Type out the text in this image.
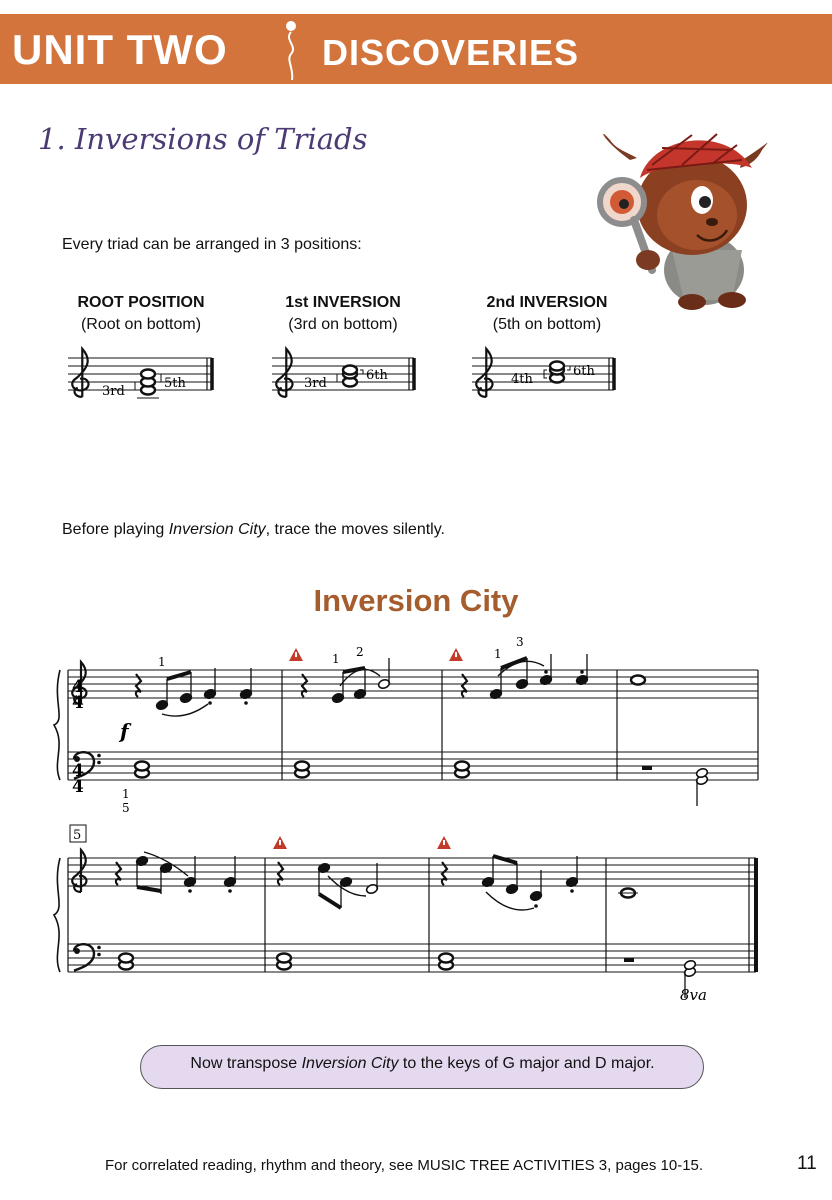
UNIT TWO	DISCOVERIES
1. Inversions of Triads
Every triad can be arranged in 3 positions:
ROOT POSITION
(Root on bottom)
1st INVERSION
(3rd on bottom)
2nd INVERSION
(5th on bottom)
3rd
5th	3rd
6th	4th
6th
Before playing Inversion City, trace the moves silently.
Inversion City
1	1 2	1
3
1
5
4
4
4
4
f
5
8va
Now transpose Inversion City to the keys of G major and D major.
For correlated reading, rhythm and theory, see MUSIC TREE ACTIVITIES 3, pages 10-15.	11
